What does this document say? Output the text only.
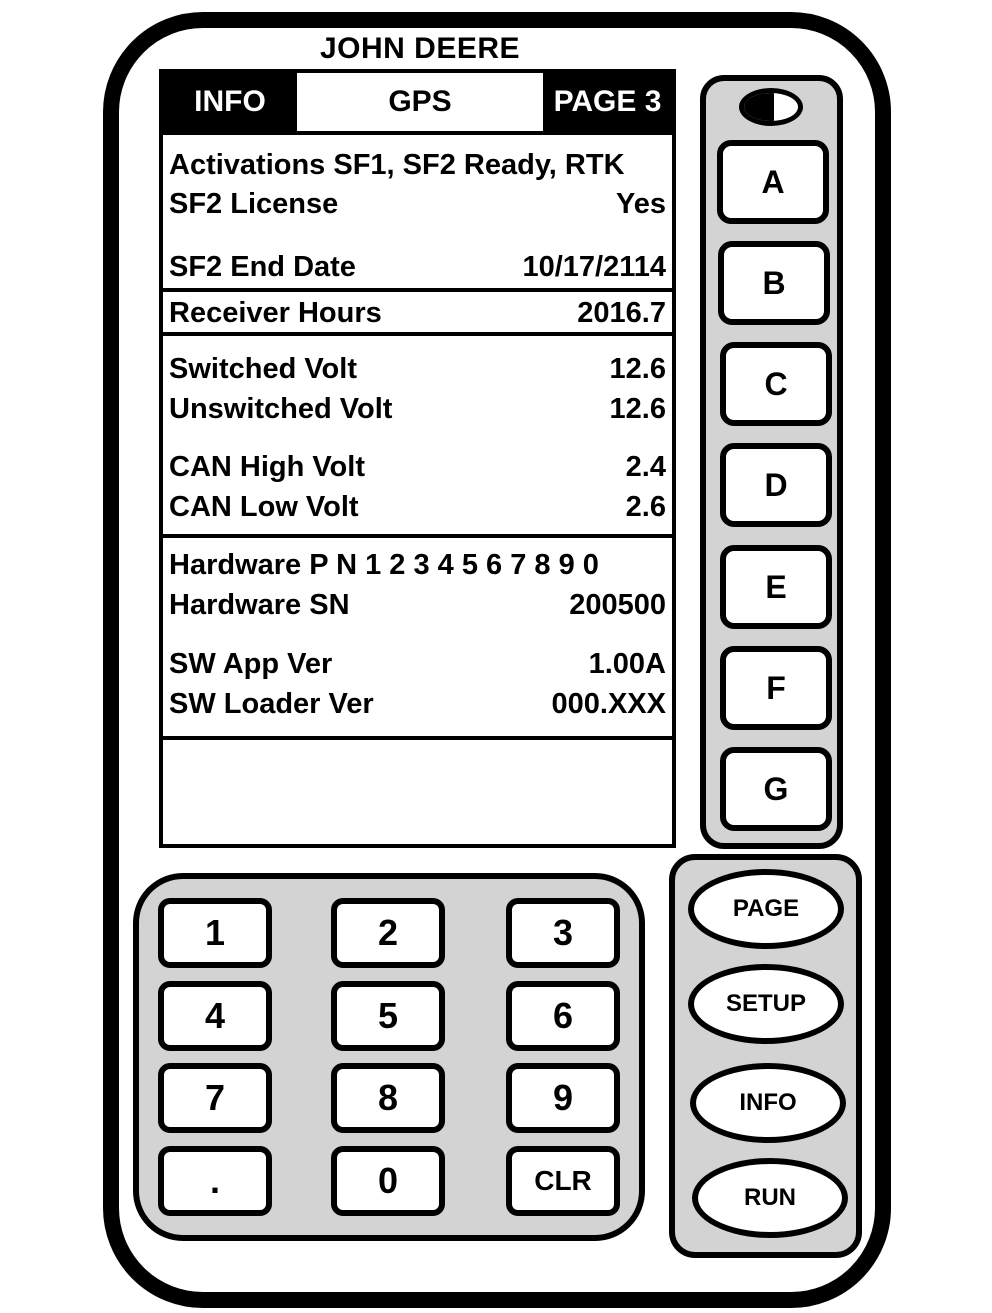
JOHN DEERE
INFO	GPS	PAGE 3
Activations SF1, SF2 Ready, RTK
SF2 License	Yes
SF2 End Date	10/17/2114
Receiver Hours	2016.7
Switched Volt	12.6
Unswitched Volt	12.6
CAN High Volt	2.4
CAN Low Volt	2.6
Hardware P N 1 2 3 4 5 6 7 8 9 0
Hardware SN	200500
SW App Ver	1.00A
SW Loader Ver	000.XXX
A
B
C
D
E
F
G
1	2	3
4	5	6
7	8	9
.	0	CLR
PAGE
SETUP
INFO
RUN
